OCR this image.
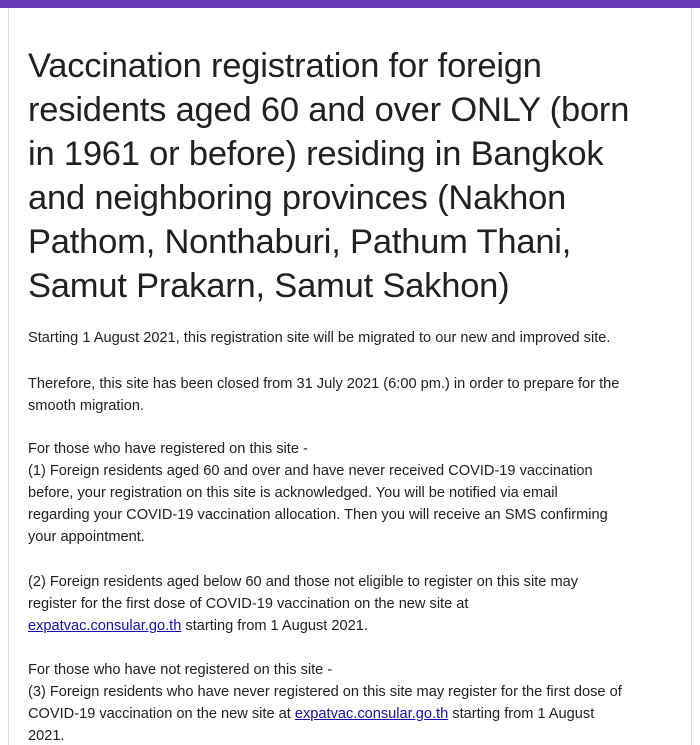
Vaccination registration for foreign
residents aged 60 and over ONLY (born
in 1961 or before) residing in Bangkok
and neighboring provinces (Nakhon
Pathom, Nonthaburi, Pathum Thani,
Samut Prakarn, Samut Sakhon)
Starting 1 August 2021, this registration site will be migrated to our new and improved site.
Therefore, this site has been closed from 31 July 2021 (6:00 pm.) in order to prepare for the
smooth migration.
For those who have registered on this site -
(1) Foreign residents aged 60 and over and have never received COVID-19 vaccination
before, your registration on this site is acknowledged. You will be notified via email
regarding your COVID-19 vaccination allocation. Then you will receive an SMS confirming
your appointment.
(2) Foreign residents aged below 60 and those not eligible to register on this site may
register for the first dose of COVID-19 vaccination on the new site at
expatvac.consular.go.th starting from 1 August 2021.
For those who have not registered on this site -
(3) Foreign residents who have never registered on this site may register for the first dose of
COVID-19 vaccination on the new site at expatvac.consular.go.th starting from 1 August
2021.
